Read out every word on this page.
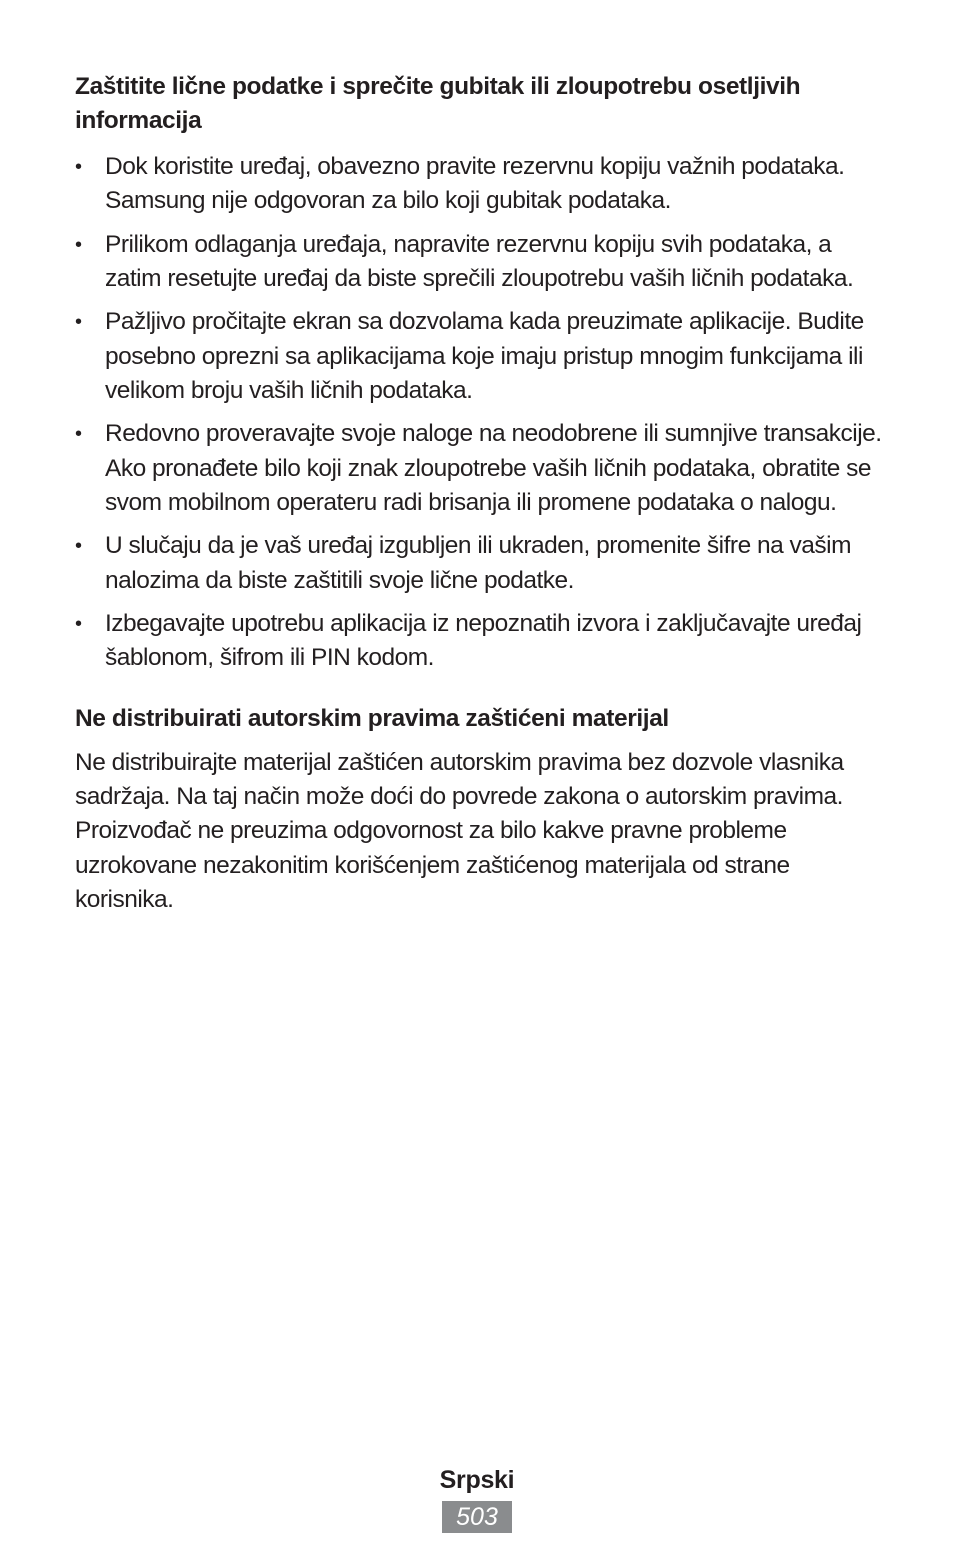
Zaštitite lične podatke i sprečite gubitak ili zloupotrebu osetljivih informacija
• Dok koristite uređaj, obavezno pravite rezervnu kopiju važnih podataka. Samsung nije odgovoran za bilo koji gubitak podataka.
• Prilikom odlaganja uređaja, napravite rezervnu kopiju svih podataka, a zatim resetujte uređaj da biste sprečili zloupotrebu vaših ličnih podataka.
• Pažljivo pročitajte ekran sa dozvolama kada preuzimate aplikacije. Budite posebno oprezni sa aplikacijama koje imaju pristup mnogim funkcijama ili velikom broju vaših ličnih podataka.
• Redovno proveravajte svoje naloge na neodobrene ili sumnjive transakcije. Ako pronađete bilo koji znak zloupotrebe vaših ličnih podataka, obratite se svom mobilnom operateru radi brisanja ili promene podataka o nalogu.
• U slučaju da je vaš uređaj izgubljen ili ukraden, promenite šifre na vašim nalozima da biste zaštitili svoje lične podatke.
• Izbegavajte upotrebu aplikacija iz nepoznatih izvora i zaključavajte uređaj šablonom, šifrom ili PIN kodom.
Ne distribuirati autorskim pravima zaštićeni materijal

Ne distribuirajte materijal zaštićen autorskim pravima bez dozvole vlasnika sadržaja. Na taj način može doći do povrede zakona o autorskim pravima. Proizvođač ne preuzima odgovornost za bilo kakve pravne probleme uzrokovane nezakonitim korišćenjem zaštićenog materijala od strane korisnika.

Srpski
503
